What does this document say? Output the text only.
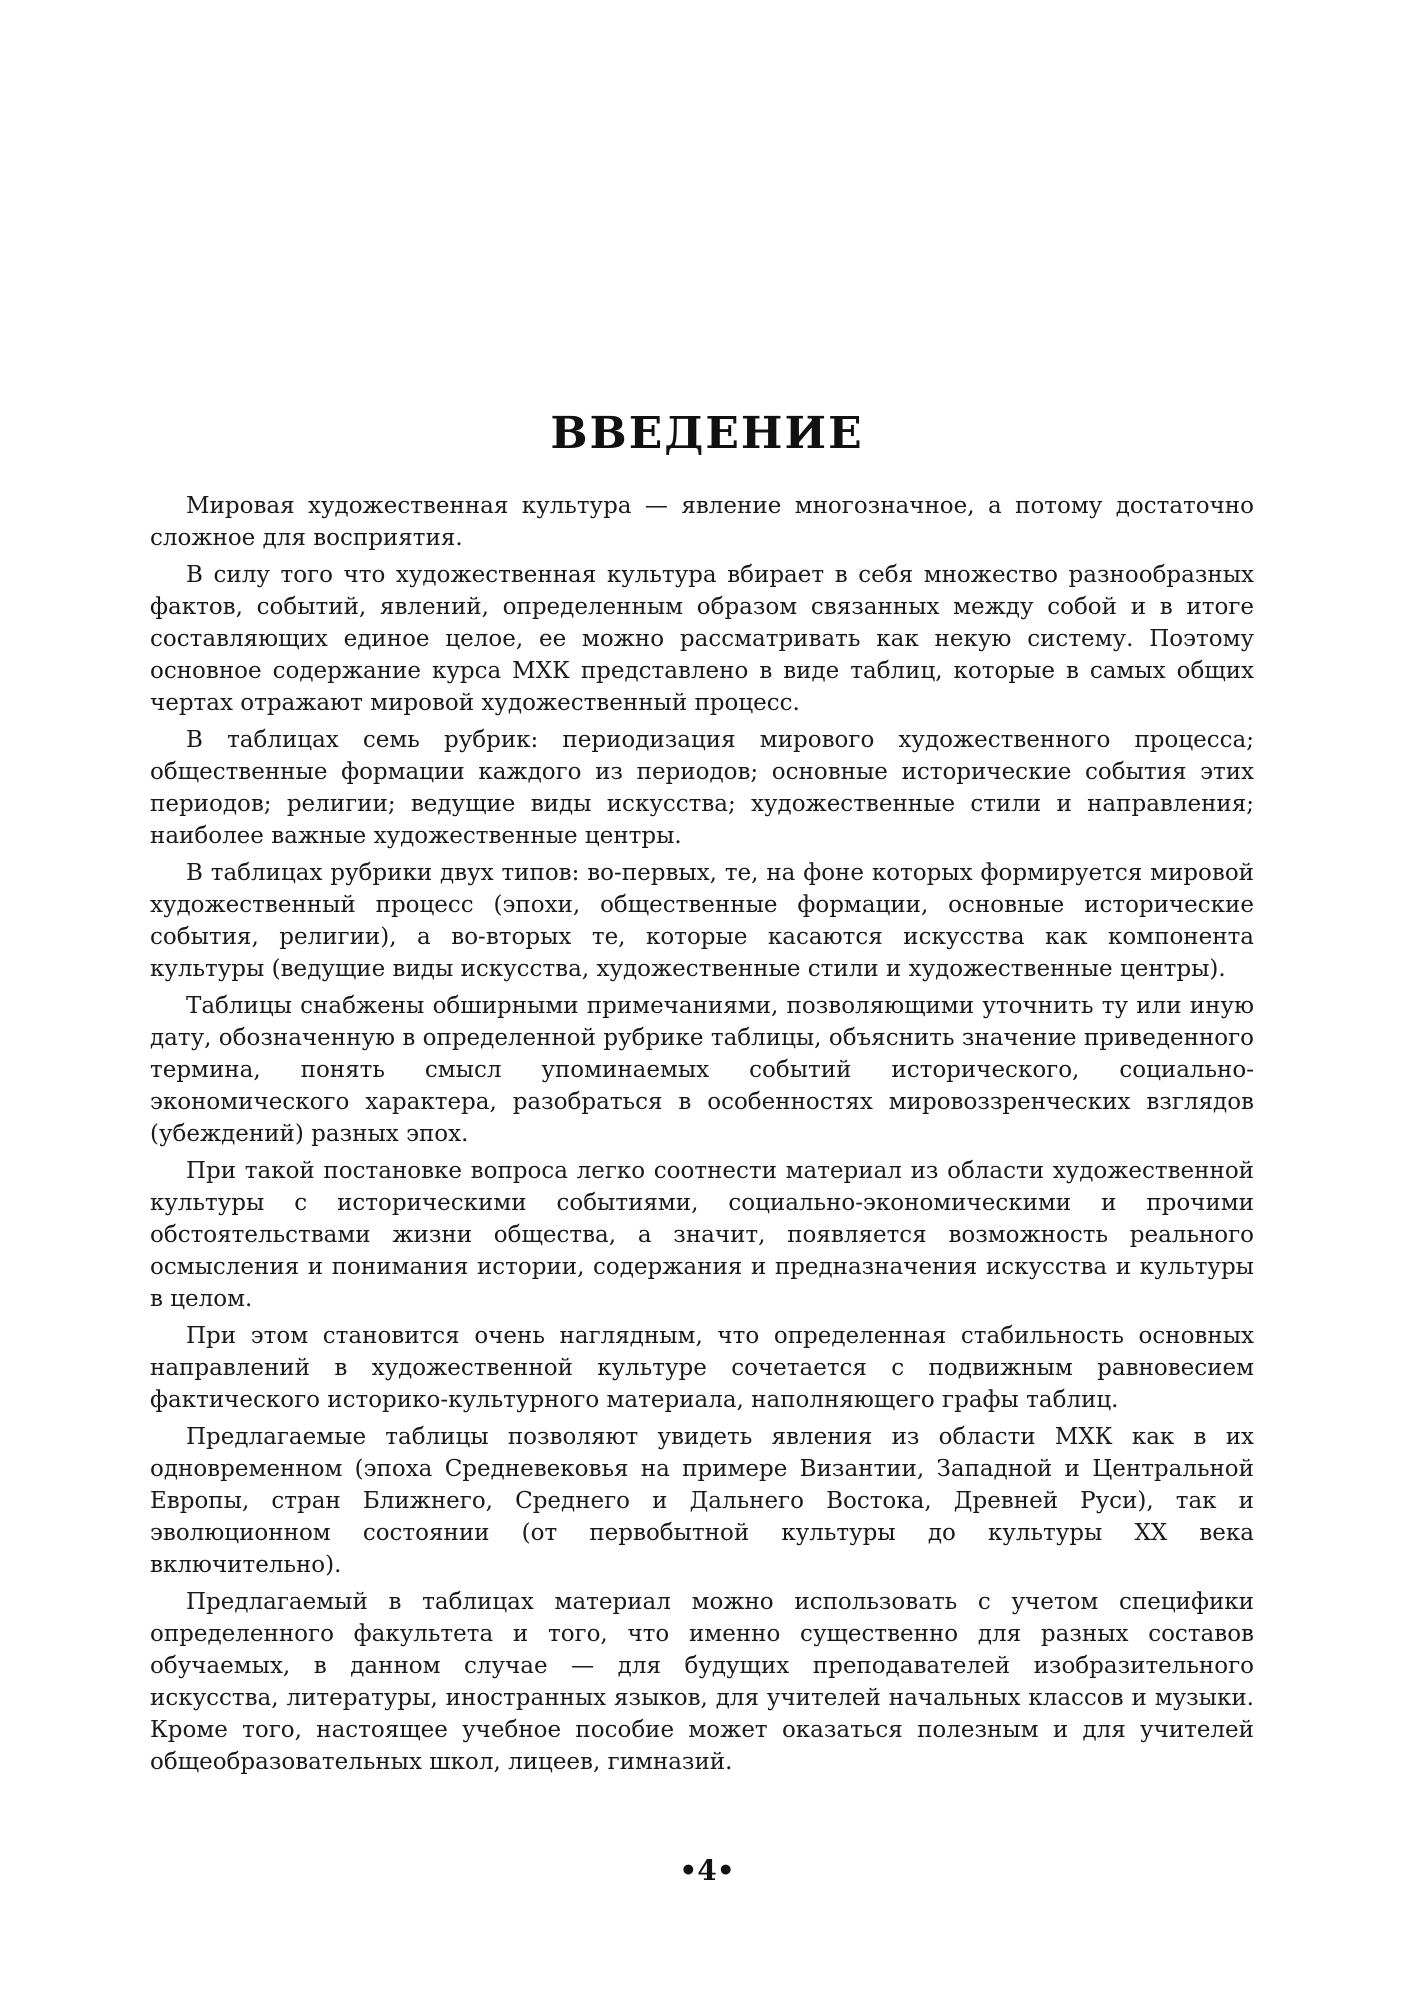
ВВЕДЕНИЕ

Мировая художественная культура — явление многозначное, а потому достаточно сложное для восприятия.

В силу того что художественная культура вбирает в себя множество разнообразных фактов, событий, явлений, определенным образом связанных между собой и в итоге составляющих единое целое, ее можно рассматривать как некую систему. Поэтому основное содержание курса МХК представлено в виде таблиц, которые в самых общих чертах отражают мировой художественный процесс.

В таблицах семь рубрик: периодизация мирового художественного процесса; общественные формации каждого из периодов; основные исторические события этих периодов; религии; ведущие виды искусства; художественные стили и направления; наиболее важные художественные центры.

В таблицах рубрики двух типов: во-первых, те, на фоне которых формируется мировой художественный процесс (эпохи, общественные формации, основные исторические события, религии), а во-вторых те, которые касаются искусства как компонента культуры (ведущие виды искусства, художественные стили и художественные центры).

Таблицы снабжены обширными примечаниями, позволяющими уточнить ту или иную дату, обозначенную в определенной рубрике таблицы, объяснить значение приведенного термина, понять смысл упоминаемых событий исторического, социально-экономического характера, разобраться в особенностях мировоззренческих взглядов (убеждений) разных эпох.

При такой постановке вопроса легко соотнести материал из области художественной культуры с историческими событиями, социально-экономическими и прочими обстоятельствами жизни общества, а значит, появляется возможность реального осмысления и понимания истории, содержания и предназначения искусства и культуры в целом.

При этом становится очень наглядным, что определенная стабильность основных направлений в художественной культуре сочетается с подвижным равновесием фактического историко-культурного материала, наполняющего графы таблиц.

Предлагаемые таблицы позволяют увидеть явления из области МХК как в их одновременном (эпоха Средневековья на примере Византии, Западной и Центральной Европы, стран Ближнего, Среднего и Дальнего Востока, Древней Руси), так и эволюционном состоянии (от первобытной культуры до культуры XX века включительно).

Предлагаемый в таблицах материал можно использовать с учетом специфики определенного факультета и того, что именно существенно для разных составов обучаемых, в данном случае — для будущих преподавателей изобразительного искусства, литературы, иностранных языков, для учителей начальных классов и музыки. Кроме того, настоящее учебное пособие может оказаться полезным и для учителей общеобразовательных школ, лицеев, гимназий.

•4•
